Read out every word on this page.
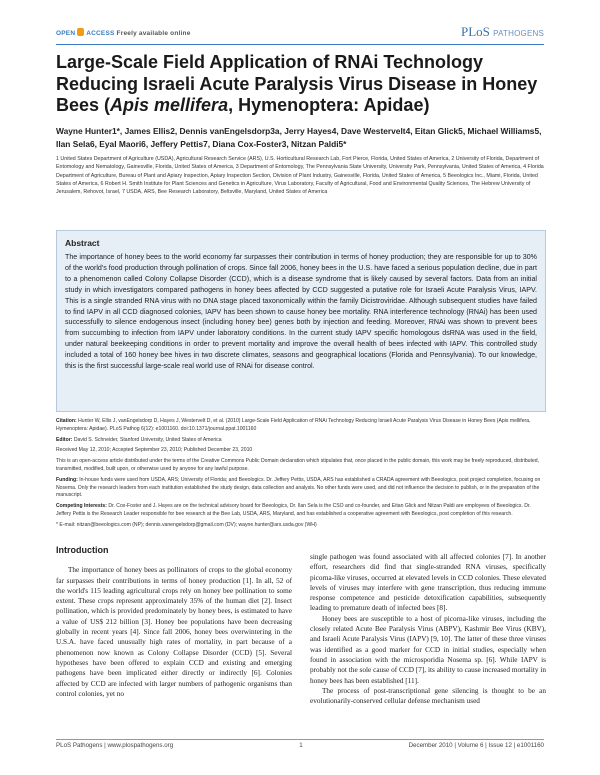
OPEN ACCESS Freely available online	PLoS PATHOGENS
Large-Scale Field Application of RNAi Technology Reducing Israeli Acute Paralysis Virus Disease in Honey Bees (Apis mellifera, Hymenoptera: Apidae)
Wayne Hunter1*, James Ellis2, Dennis vanEngelsdorp3a, Jerry Hayes4, Dave Westervelt4, Eitan Glick5, Michael Williams5, Ilan Sela6, Eyal Maori6, Jeffery Pettis7, Diana Cox-Foster3, Nitzan Paldi5*
1 United States Department of Agriculture (USDA), Agricultural Research Service (ARS), U.S. Horticultural Research Lab, Fort Pierce, Florida, United States of America, 2 University of Florida, Department of Entomology and Nematology, Gainesville, Florida, United States of America, 3 Department of Entomology, The Pennsylvania State University, University Park, Pennsylvania, United States of America, 4 Florida Department of Agriculture, Bureau of Plant and Apiary Inspection, Apiary Inspection Section, Division of Plant Industry, Gainesville, Florida, United States of America, 5 Beeologics Inc., Miami, Florida, United States of America, 6 Robert H. Smith Institute for Plant Sciences and Genetics in Agriculture, Virus Laboratory, Faculty of Agricultural, Food and Environmental Quality Sciences, The Hebrew University of Jerusalem, Rehovot, Israel, 7 USDA, ARS, Bee Research Laboratory, Beltsville, Maryland, United States of America
Abstract

The importance of honey bees to the world economy far surpasses their contribution in terms of honey production; they are responsible for up to 30% of the world's food production through pollination of crops. Since fall 2006, honey bees in the U.S. have faced a serious population decline, due in part to a phenomenon called Colony Collapse Disorder (CCD), which is a disease syndrome that is likely caused by several factors. Data from an initial study in which investigators compared pathogens in honey bees affected by CCD suggested a putative role for Israeli Acute Paralysis Virus, IAPV. This is a single stranded RNA virus with no DNA stage placed taxonomically within the family Dicistroviridae. Although subsequent studies have failed to find IAPV in all CCD diagnosed colonies, IAPV has been shown to cause honey bee mortality. RNA interference technology (RNAi) has been used successfully to silence endogenous insect (including honey bee) genes both by injection and feeding. Moreover, RNAi was shown to prevent bees from succumbing to infection from IAPV under laboratory conditions. In the current study IAPV specific homologous dsRNA was used in the field, under natural beekeeping conditions in order to prevent mortality and improve the overall health of bees infected with IAPV. This controlled study included a total of 160 honey bee hives in two discrete climates, seasons and geographical locations (Florida and Pennsylvania). To our knowledge, this is the first successful large-scale real world use of RNAi for disease control.

Citation: Hunter W, Ellis J, vanEngelsdorp D, Hayes J, Westervelt D, et al. (2010) Large-Scale Field Application of RNAi Technology Reducing Israeli Acute Paralysis Virus Disease in Honey Bees (Apis mellifera, Hymenoptera: Apidae). PLoS Pathog 6(12): e1001160. doi:10.1371/journal.ppat.1001160

Editor: David S. Schneider, Stanford University, United States of America

Received May 12, 2010; Accepted September 23, 2010; Published December 23, 2010

This is an open-access article distributed under the terms of the Creative Commons Public Domain declaration which stipulates that, once placed in the public domain, this work may be freely reproduced, distributed, transmitted, modified, built upon, or otherwise used by anyone for any lawful purpose.

Funding: In-house funds were used from USDA, ARS; University of Florida; and Beeologics. Dr. Jeffery Pettis, USDA, ARS has established a CRADA agreement with Beeologics, post project completion, focusing on Nosema. Only the research leaders from each institution established the study design, data collection and analysis. No other funds were used, and did not influence the decision to publish, or in the preparation of the manuscript.

Competing Interests: Dr. Cox-Foster and J. Hayes are on the technical advisory board for Beeologics, Dr. Ilan Sela is the CSO and co-founder, and Eitan Glick and Nitzan Paldi are employees of Beeologics. Dr. Jeffery Pettis is the Research Leader responsible for bee research at the Bee Lab, USDA, ARS, Maryland, and has established a cooperative agreement with Beeologics, post completion of this research.

* E-mail: nitzan@beeologics.com (NP); dennis.vanengelsdorp@gmail.com (DV); wayne.hunter@ars.usda.gov (WH)

Introduction

The importance of honey bees as pollinators of crops to the global economy far surpasses their contributions in terms of honey production [1]. In all, 52 of the world's 115 leading agricultural crops rely on honey bee pollination to some extent. These crops represent approximately 35% of the human diet [2]. Insect pollination, which is provided predominately by honey bees, is estimated to have a value of US$ 212 billion [3]. Honey bee populations have been decreasing globally in recent years [4]. Since fall 2006, honey bees overwintering in the U.S.A. have faced unusually high rates of mortality, in part because of a phenomenon now known as Colony Collapse Disorder (CCD) [5]. Several hypotheses have been offered to explain CCD and existing and emerging pathogens have been implicated either directly or indirectly [6]. Colonies affected by CCD are infected with larger numbers of pathogenic organisms than control colonies, yet no

single pathogen was found associated with all affected colonies [7]. In another effort, researchers did find that single-stranded RNA viruses, specifically picorna-like viruses, occurred at elevated levels in CCD colonies. These elevated levels of viruses may interfere with gene transcription, thus reducing immune response competence and pesticide detoxification capabilities, subsequently leading to premature death of infected bees [8].

Honey bees are susceptible to a host of picorna-like viruses, including the closely related Acute Bee Paralysis Virus (ABPV), Kashmir Bee Virus (KBV), and Israeli Acute Paralysis Virus (IAPV) [9, 10]. The latter of these three viruses was identified as a good marker for CCD in initial studies, especially when found in association with the microsporidia Nosema sp. [6]. While IAPV is probably not the sole cause of CCD [7], its ability to cause increased mortality in honey bees has been established [11].

The process of post-transcriptional gene silencing is thought to be an evolutionarily-conserved cellular defense mechanism used

PLoS Pathogens | www.plospathogens.org	1	December 2010 | Volume 6 | Issue 12 | e1001160
